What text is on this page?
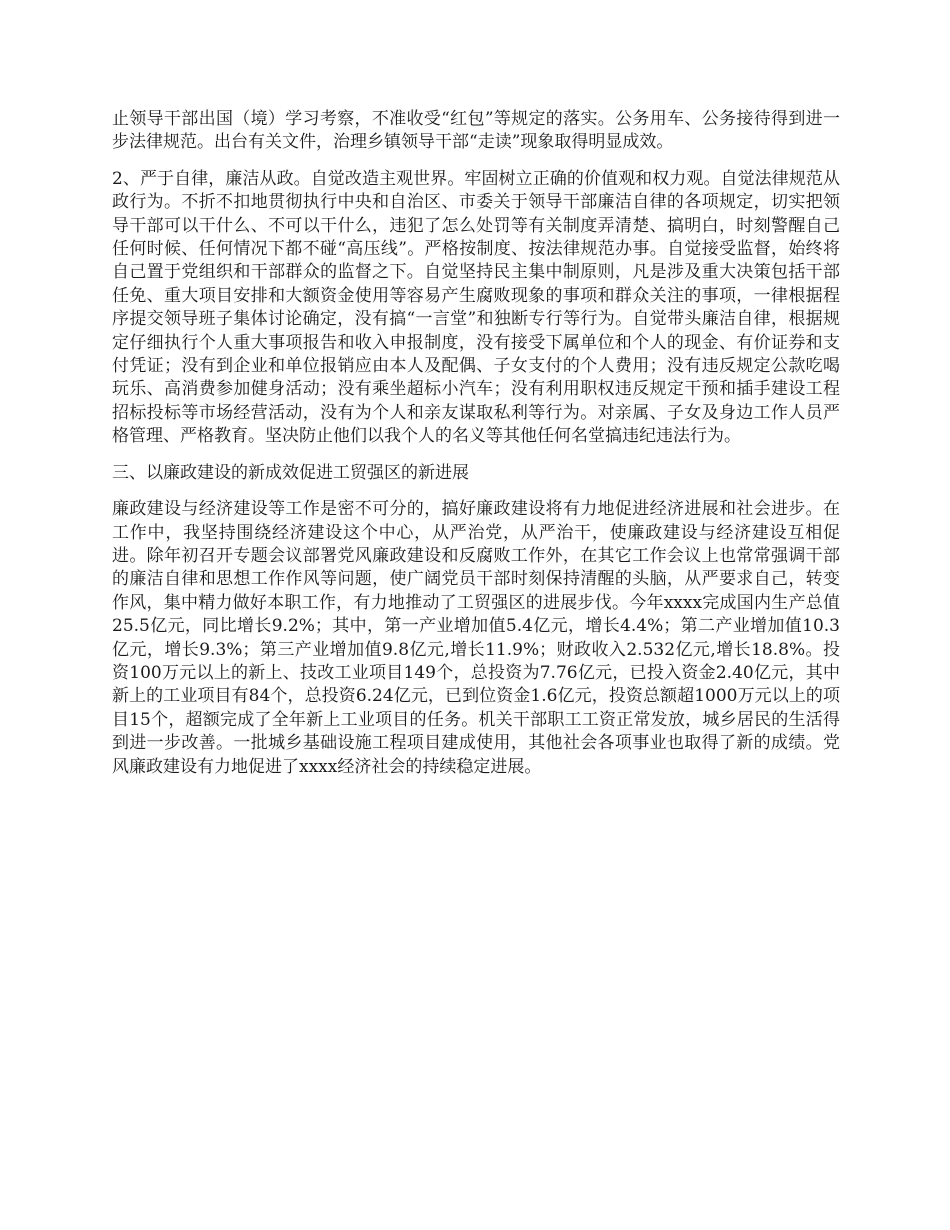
止领导干部出国（境）学习考察，不准收受“红包”等规定的落实。公务用车、公务接待得到进一步法律规范。出台有关文件，治理乡镇领导干部“走读”现象取得明显成效。

2、严于自律，廉洁从政。自觉改造主观世界。牢固树立正确的价值观和权力观。自觉法律规范从政行为。不折不扣地贯彻执行中央和自治区、市委关于领导干部廉洁自律的各项规定，切实把领导干部可以干什么、不可以干什么，违犯了怎么处罚等有关制度弄清楚、搞明白，时刻警醒自己任何时候、任何情况下都不碰“高压线”。严格按制度、按法律规范办事。自觉接受监督，始终将自己置于党组织和干部群众的监督之下。自觉坚持民主集中制原则，凡是涉及重大决策包括干部任免、重大项目安排和大额资金使用等容易产生腐败现象的事项和群众关注的事项，一律根据程序提交领导班子集体讨论确定，没有搞“一言堂”和独断专行等行为。自觉带头廉洁自律，根据规定仔细执行个人重大事项报告和收入申报制度，没有接受下属单位和个人的现金、有价证券和支付凭证；没有到企业和单位报销应由本人及配偶、子女支付的个人费用；没有违反规定公款吃喝玩乐、高消费参加健身活动；没有乘坐超标小汽车；没有利用职权违反规定干预和插手建设工程招标投标等市场经营活动，没有为个人和亲友谋取私利等行为。对亲属、子女及身边工作人员严格管理、严格教育。坚决防止他们以我个人的名义等其他任何名堂搞违纪违法行为。

三、以廉政建设的新成效促进工贸强区的新进展

廉政建设与经济建设等工作是密不可分的，搞好廉政建设将有力地促进经济进展和社会进步。在工作中，我坚持围绕经济建设这个中心，从严治党，从严治干，使廉政建设与经济建设互相促进。除年初召开专题会议部署党风廉政建设和反腐败工作外，在其它工作会议上也常常强调干部的廉洁自律和思想工作作风等问题，使广阔党员干部时刻保持清醒的头脑，从严要求自己，转变作风，集中精力做好本职工作，有力地推动了工贸强区的进展步伐。今年xxxx完成国内生产总值25.5亿元，同比增长9.2%；其中，第一产业增加值5.4亿元，增长4.4%；第二产业增加值10.3亿元，增长9.3%；第三产业增加值9.8亿元,增长11.9%；财政收入2.532亿元,增长18.8%。投资100万元以上的新上、技改工业项目149个，总投资为7.76亿元，已投入资金2.40亿元，其中新上的工业项目有84个，总投资6.24亿元，已到位资金1.6亿元，投资总额超1000万元以上的项目15个，超额完成了全年新上工业项目的任务。机关干部职工工资正常发放，城乡居民的生活得到进一步改善。一批城乡基础设施工程项目建成使用，其他社会各项事业也取得了新的成绩。党风廉政建设有力地促进了xxxx经济社会的持续稳定进展。
